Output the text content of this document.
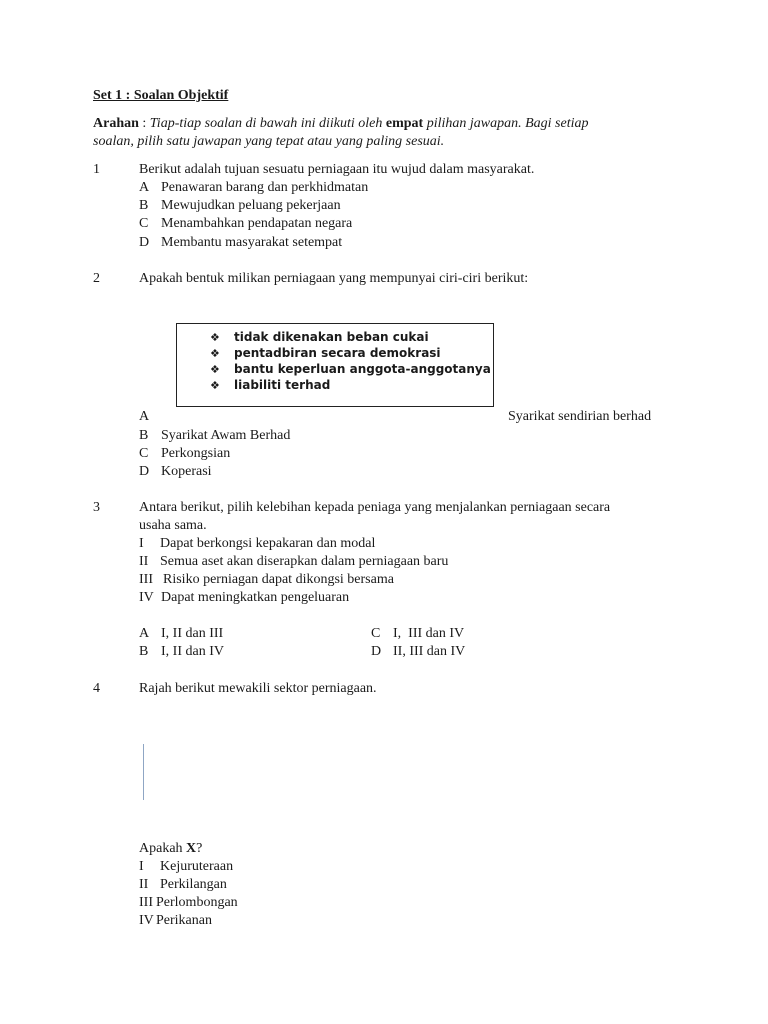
Set 1 : Soalan Objektif
Arahan : Tiap-tiap soalan di bawah ini diikuti oleh empat pilihan jawapan. Bagi setiap
soalan, pilih satu jawapan yang tepat atau yang paling sesuai.
1	Berikut adalah tujuan sesuatu perniagaan itu wujud dalam masyarakat.
A Penawaran barang dan perkhidmatan
B Mewujudkan peluang pekerjaan
C Menambahkan pendapatan negara
D Membantu masyarakat setempat
2	Apakah bentuk milikan perniagaan yang mempunyai ciri-ciri berikut:
❖ tidak dikenakan beban cukai
❖ pentadbiran secara demokrasi
❖ bantu keperluan anggota-anggotanya
❖ liabiliti terhad
A	Syarikat sendirian berhad
B Syarikat Awam Berhad
C Perkongsian
D Koperasi
3	Antara berikut, pilih kelebihan kepada peniaga yang menjalankan perniagaan secara
usaha sama.
I Dapat berkongsi kepakaran dan modal
II Semua aset akan diserapkan dalam perniagaan baru
III Risiko perniagan dapat dikongsi bersama
IV Dapat meningkatkan pengeluaran
A I, II dan III	C I,  III dan IV
B I, II dan IV	D II, III dan IV
4	Rajah berikut mewakili sektor perniagaan.
Apakah X?
I Kejuruteraan
II Perkilangan
III Perlombongan
IV Perikanan
